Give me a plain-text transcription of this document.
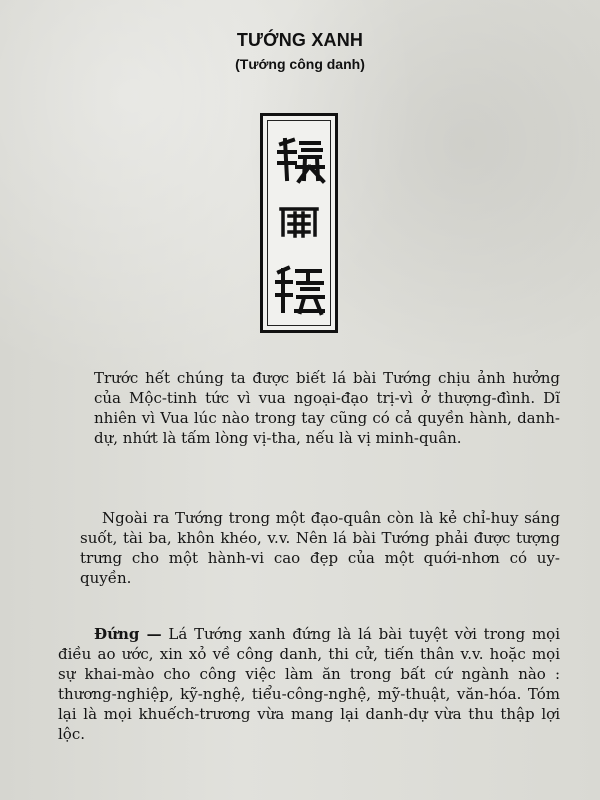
TƯỚNG XANH
(Tướng công danh)

Trước hết chúng ta được biết lá bài Tướng chịu ảnh hưởng của Mộc-tinh tức vì vua ngoại-đạo trị-vì ở thượng-đình. Dĩ nhiên vì Vua lúc nào trong tay cũng có cả quyền hành, danh-dự, nhứt là tấm lòng vị-tha, nếu là vị minh-quân.

Ngoài ra Tướng trong một đạo-quân còn là kẻ chỉ-huy sáng suốt, tài ba, khôn khéo, v.v. Nên lá bài Tướng phải được tượng trưng cho một hành-vi cao đẹp của một quới-nhơn có uy-quyền.

Đứng — Lá Tướng xanh đứng là lá bài tuyệt vời trong mọi điều ao ước, xin xỏ về công danh, thi cử, tiến thân v.v. hoặc mọi sự khai-mào cho công việc làm ăn trong bất cứ ngành nào : thương-nghiệp, kỹ-nghệ, tiểu-công-nghệ, mỹ-thuật, văn-hóa. Tóm lại là mọi khuếch-trương vừa mang lại danh-dự vừa thu thập lợi lộc.
